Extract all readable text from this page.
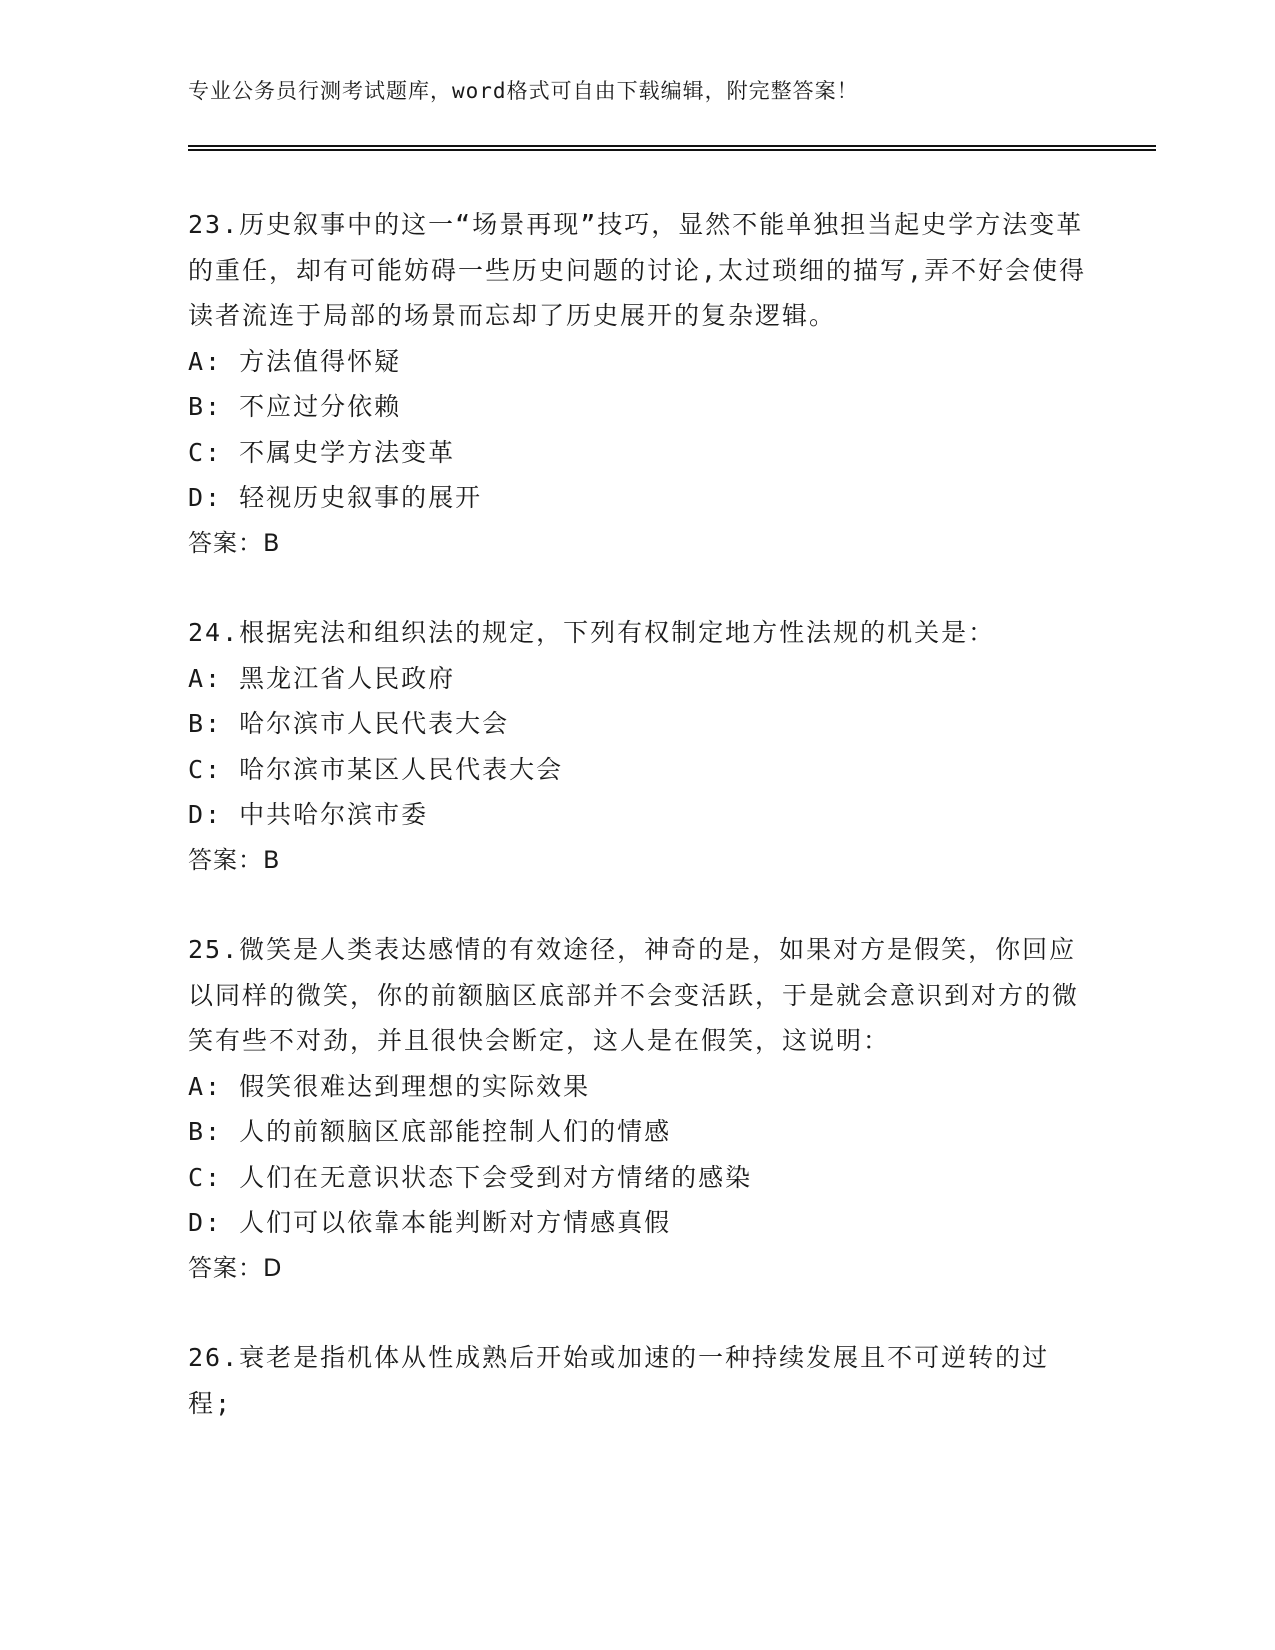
专业公务员行测考试题库，word格式可自由下载编辑，附完整答案！

23.历史叙事中的这一“场景再现”技巧，显然不能单独担当起史学方法变革的重任，却有可能妨碍一些历史问题的讨论,太过琐细的描写,弄不好会使得读者流连于局部的场景而忘却了历史展开的复杂逻辑。

A: 方法值得怀疑

B: 不应过分依赖

C: 不属史学方法变革

D: 轻视历史叙事的展开

答案：B

24.根据宪法和组织法的规定，下列有权制定地方性法规的机关是：

A: 黑龙江省人民政府

B: 哈尔滨市人民代表大会

C: 哈尔滨市某区人民代表大会

D: 中共哈尔滨市委

答案：B

25.微笑是人类表达感情的有效途径，神奇的是，如果对方是假笑，你回应以同样的微笑，你的前额脑区底部并不会变活跃，于是就会意识到对方的微笑有些不对劲，并且很快会断定，这人是在假笑，这说明：

A: 假笑很难达到理想的实际效果

B: 人的前额脑区底部能控制人们的情感

C: 人们在无意识状态下会受到对方情绪的感染

D: 人们可以依靠本能判断对方情感真假

答案：D

26.衰老是指机体从性成熟后开始或加速的一种持续发展且不可逆转的过程;
